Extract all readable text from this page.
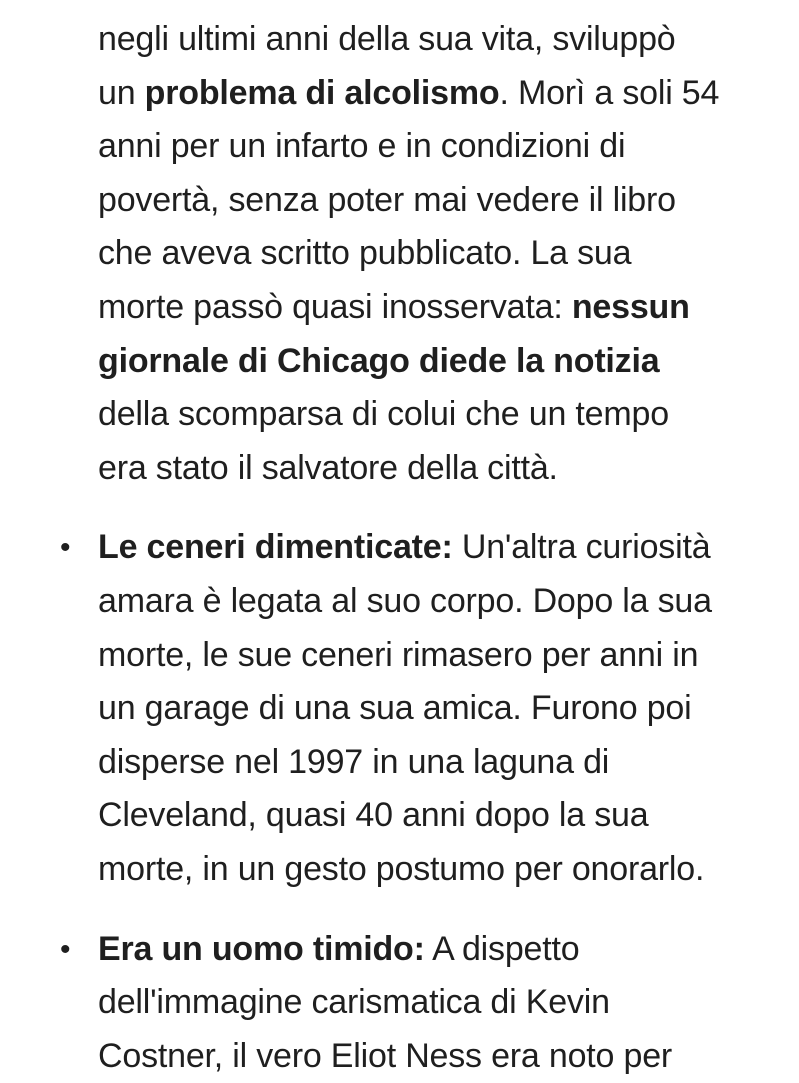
negli ultimi anni della sua vita, sviluppò
un problema di alcolismo. Morì a soli 54
anni per un infarto e in condizioni di
povertà, senza poter mai vedere il libro
che aveva scritto pubblicato. La sua
morte passò quasi inosservata: nessun
giornale di Chicago diede la notizia
della scomparsa di colui che un tempo
era stato il salvatore della città.
• Le ceneri dimenticate: Un'altra curiosità
amara è legata al suo corpo. Dopo la sua
morte, le sue ceneri rimasero per anni in
un garage di una sua amica. Furono poi
disperse nel 1997 in una laguna di
Cleveland, quasi 40 anni dopo la sua
morte, in un gesto postumo per onorarlo.
• Era un uomo timido: A dispetto
dell'immagine carismatica di Kevin
Costner, il vero Eliot Ness era noto per
